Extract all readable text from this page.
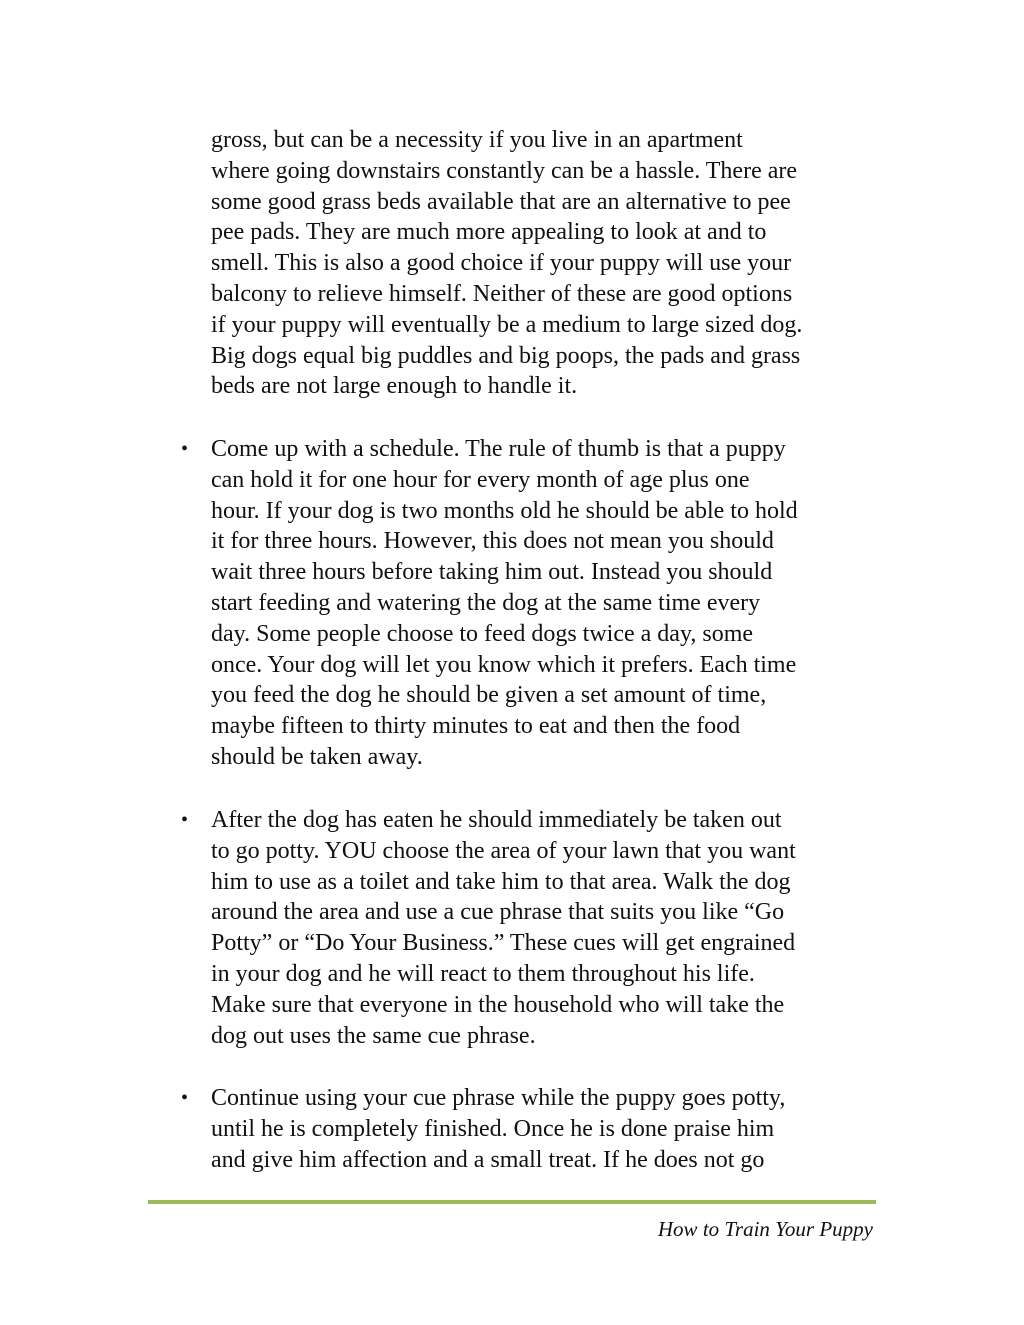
gross, but can be a necessity if you live in an apartment

where going downstairs constantly can be a hassle. There are

some good grass beds available that are an alternative to pee

pee pads. They are much more appealing to look at and to

smell. This is also a good choice if your puppy will use your

balcony to relieve himself. Neither of these are good options

if your puppy will eventually be a medium to large sized dog.

Big dogs equal big puddles and big poops, the pads and grass

beds are not large enough to handle it.

• Come up with a schedule. The rule of thumb is that a puppy

can hold it for one hour for every month of age plus one

hour. If your dog is two months old he should be able to hold

it for three hours. However, this does not mean you should

wait three hours before taking him out. Instead you should

start feeding and watering the dog at the same time every

day. Some people choose to feed dogs twice a day, some

once. Your dog will let you know which it prefers. Each time

you feed the dog he should be given a set amount of time,

maybe fifteen to thirty minutes to eat and then the food

should be taken away.

• After the dog has eaten he should immediately be taken out

to go potty. YOU choose the area of your lawn that you want

him to use as a toilet and take him to that area. Walk the dog

around the area and use a cue phrase that suits you like “Go

Potty” or “Do Your Business.” These cues will get engrained

in your dog and he will react to them throughout his life.

Make sure that everyone in the household who will take the

dog out uses the same cue phrase.

• Continue using your cue phrase while the puppy goes potty,

until he is completely finished. Once he is done praise him

and give him affection and a small treat. If he does not go

How to Train Your Puppy
